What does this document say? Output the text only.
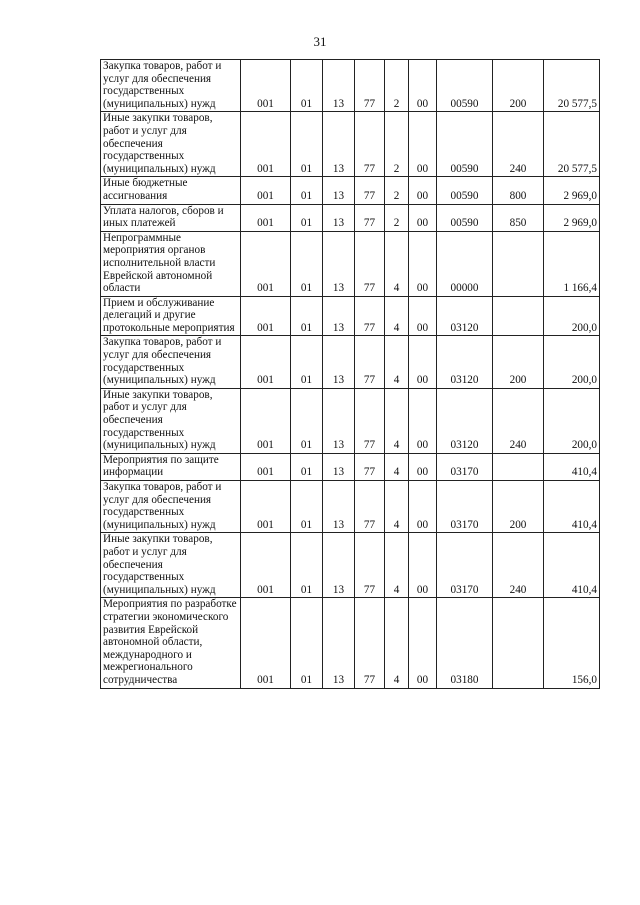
31
Закупка товаров, работ и услуг для обеспечения государственных (муниципальных) нужд	001	01	13	77	2	00	00590	200	20 577,5
Иные закупки товаров, работ и услуг для обеспечения государственных (муниципальных) нужд	001	01	13	77	2	00	00590	240	20 577,5
Иные бюджетные ассигнования	001	01	13	77	2	00	00590	800	2 969,0
Уплата налогов, сборов и иных платежей	001	01	13	77	2	00	00590	850	2 969,0
Непрограммные мероприятия органов исполнительной власти Еврейской автономной области	001	01	13	77	4	00	00000		1 166,4
Прием и обслуживание делегаций и другие протокольные мероприятия	001	01	13	77	4	00	03120		200,0
Закупка товаров, работ и услуг для обеспечения государственных (муниципальных) нужд	001	01	13	77	4	00	03120	200	200,0
Иные закупки товаров, работ и услуг для обеспечения государственных (муниципальных) нужд	001	01	13	77	4	00	03120	240	200,0
Мероприятия по защите информации	001	01	13	77	4	00	03170		410,4
Закупка товаров, работ и услуг для обеспечения государственных (муниципальных) нужд	001	01	13	77	4	00	03170	200	410,4
Иные закупки товаров, работ и услуг для обеспечения государственных (муниципальных) нужд	001	01	13	77	4	00	03170	240	410,4
Мероприятия по разработке стратегии экономического развития Еврейской автономной области, международного и межрегионального сотрудничества	001	01	13	77	4	00	03180		156,0
